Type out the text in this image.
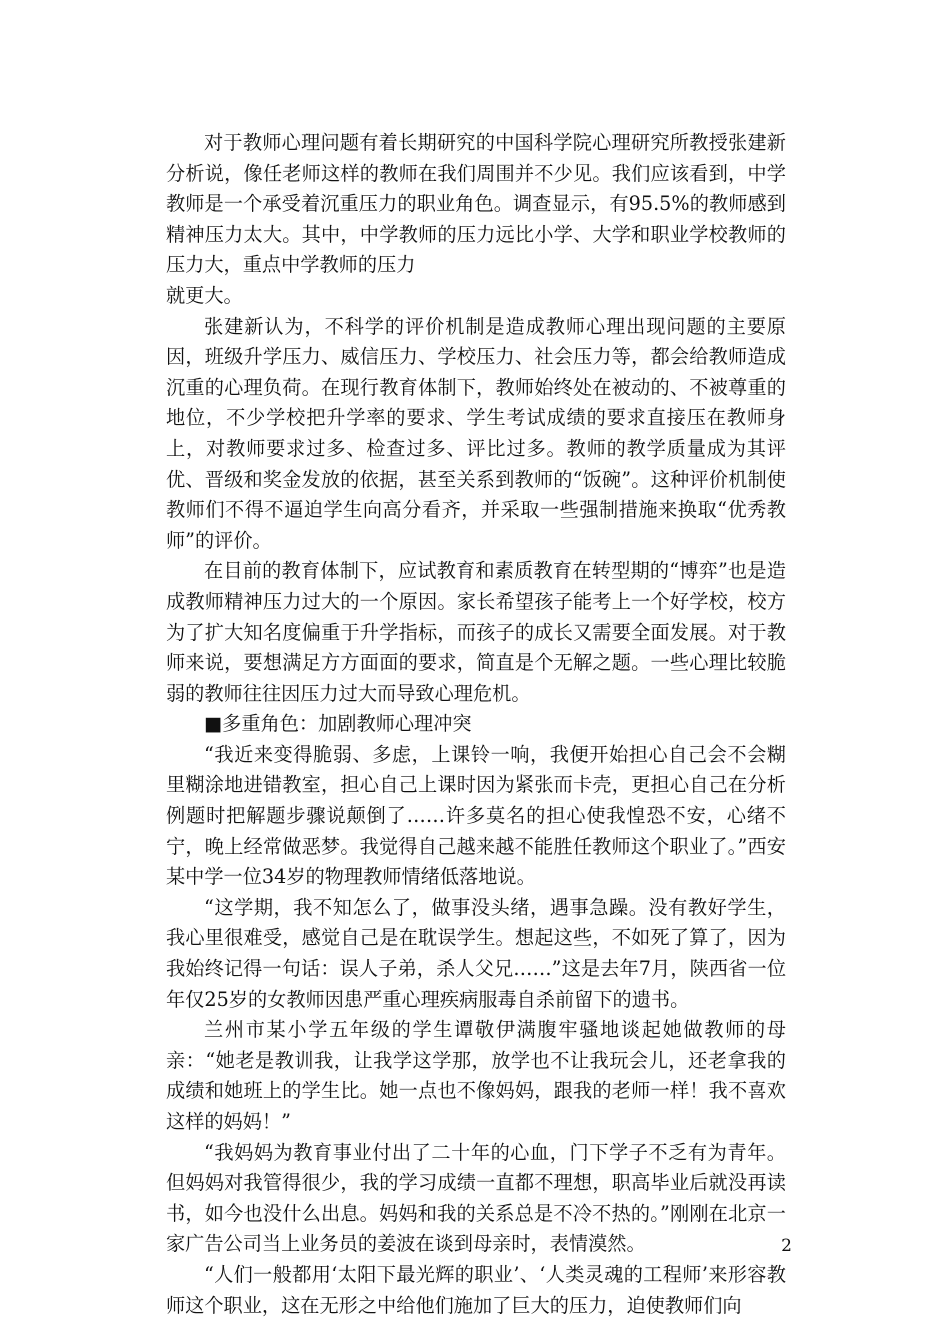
对于教师心理问题有着长期研究的中国科学院心理研究所教授张建新分析说，像任老师这样的教师在我们周围并不少见。我们应该看到，中学教师是一个承受着沉重压力的职业角色。调查显示，有95.5%的教师感到精神压力太大。其中，中学教师的压力远比小学、大学和职业学校教师的压力大，重点中学教师的压力

就更大。

张建新认为，不科学的评价机制是造成教师心理出现问题的主要原因，班级升学压力、威信压力、学校压力、社会压力等，都会给教师造成沉重的心理负荷。在现行教育体制下，教师始终处在被动的、不被尊重的地位，不少学校把升学率的要求、学生考试成绩的要求直接压在教师身上，对教师要求过多、检查过多、评比过多。教师的教学质量成为其评优、晋级和奖金发放的依据，甚至关系到教师的“饭碗”。这种评价机制使教师们不得不逼迫学生向高分看齐，并采取一些强制措施来换取“优秀教师”的评价。

在目前的教育体制下，应试教育和素质教育在转型期的“博弈”也是造成教师精神压力过大的一个原因。家长希望孩子能考上一个好学校，校方为了扩大知名度偏重于升学指标，而孩子的成长又需要全面发展。对于教师来说，要想满足方方面面的要求，简直是个无解之题。一些心理比较脆弱的教师往往因压力过大而导致心理危机。

■多重角色：加剧教师心理冲突

“我近来变得脆弱、多虑，上课铃一响，我便开始担心自己会不会糊里糊涂地进错教室，担心自己上课时因为紧张而卡壳，更担心自己在分析例题时把解题步骤说颠倒了……许多莫名的担心使我惶恐不安，心绪不宁，晚上经常做恶梦。我觉得自己越来越不能胜任教师这个职业了。”西安某中学一位34岁的物理教师情绪低落地说。

“这学期，我不知怎么了，做事没头绪，遇事急躁。没有教好学生，我心里很难受，感觉自己是在耽误学生。想起这些，不如死了算了，因为我始终记得一句话：误人子弟，杀人父兄……”这是去年7月，陕西省一位年仅25岁的女教师因患严重心理疾病服毒自杀前留下的遗书。

兰州市某小学五年级的学生谭敬伊满腹牢骚地谈起她做教师的母亲：“她老是教训我，让我学这学那，放学也不让我玩会儿，还老拿我的成绩和她班上的学生比。她一点也不像妈妈，跟我的老师一样！我不喜欢这样的妈妈！”

“我妈妈为教育事业付出了二十年的心血，门下学子不乏有为青年。但妈妈对我管得很少，我的学习成绩一直都不理想，职高毕业后就没再读书，如今也没什么出息。妈妈和我的关系总是不冷不热的。”刚刚在北京一家广告公司当上业务员的姜波在谈到母亲时，表情漠然。

“人们一般都用‘太阳下最光辉的职业’、‘人类灵魂的工程师’来形容教师这个职业，这在无形之中给他们施加了巨大的压力，迫使教师们向

2
